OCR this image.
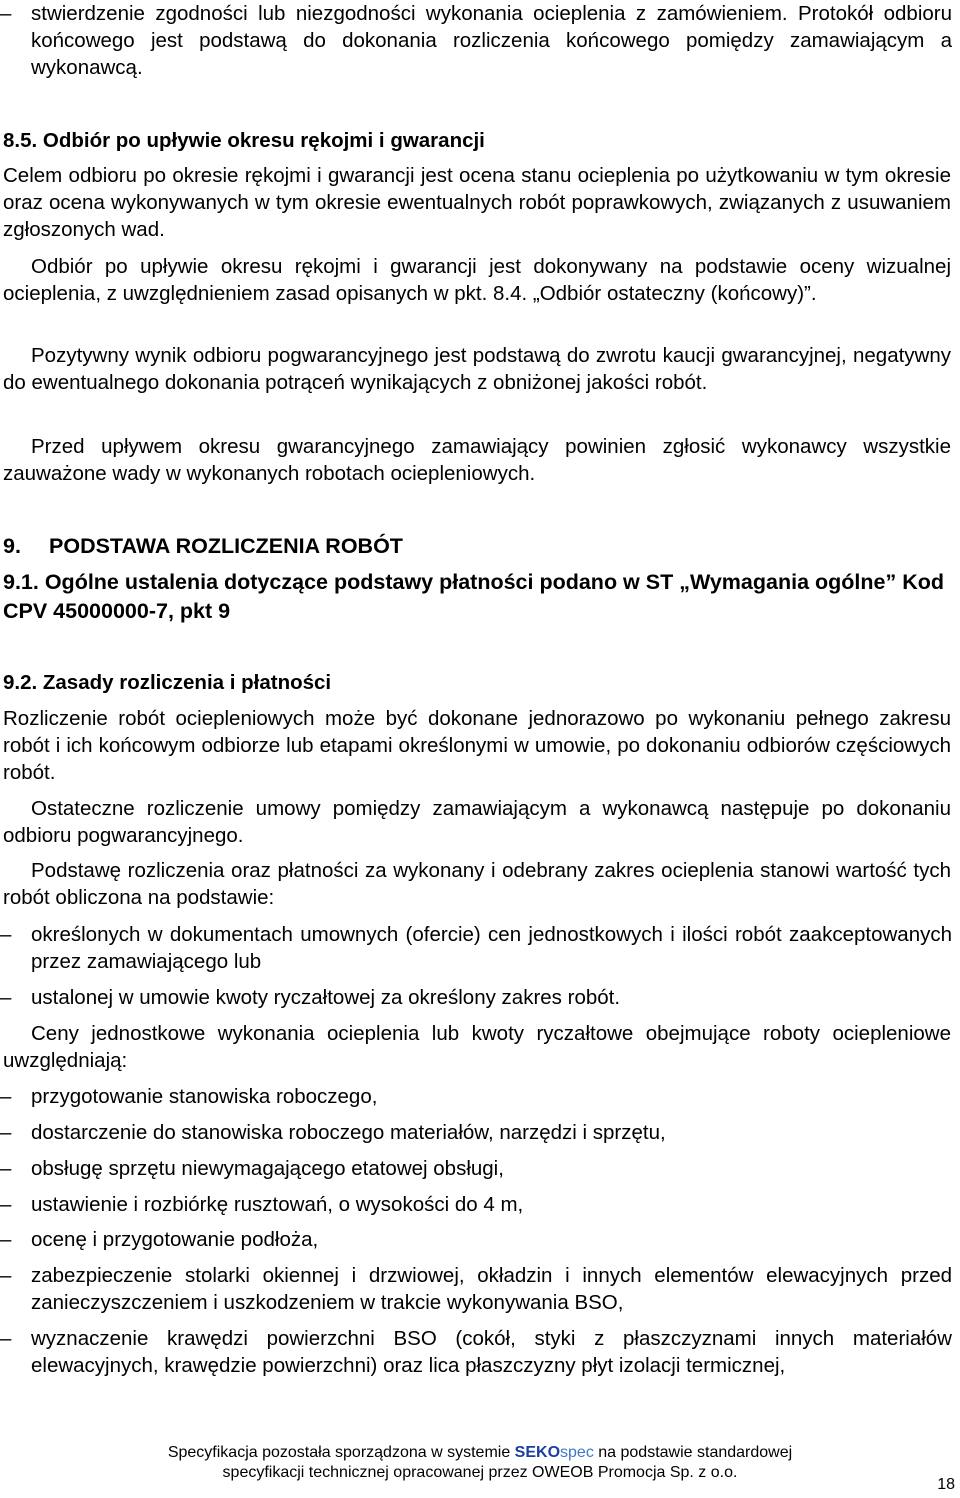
– stwierdzenie zgodności lub niezgodności wykonania ocieplenia z zamówieniem. Protokół odbioru końcowego jest podstawą do dokonania rozliczenia końcowego pomiędzy zamawiającym a wykonawcą.
8.5. Odbiór po upływie okresu rękojmi i gwarancji
Celem odbioru po okresie rękojmi i gwarancji jest ocena stanu ocieplenia po użytkowaniu w tym okresie oraz ocena wykonywanych w tym okresie ewentualnych robót poprawkowych, związanych z usuwaniem zgłoszonych wad.
Odbiór po upływie okresu rękojmi i gwarancji jest dokonywany na podstawie oceny wizualnej ocieplenia, z uwzględnieniem zasad opisanych w pkt. 8.4. „Odbiór ostateczny (końcowy)”.
Pozytywny wynik odbioru pogwarancyjnego jest podstawą do zwrotu kaucji gwarancyjnej, negatywny do ewentualnego dokonania potrąceń wynikających z obniżonej jakości robót.
Przed upływem okresu gwarancyjnego zamawiający powinien zgłosić wykonawcy wszystkie zauważone wady w wykonanych robotach ociepleniowych.
9. PODSTAWA ROZLICZENIA ROBÓT
9.1. Ogólne ustalenia dotyczące podstawy płatności podano w ST „Wymagania ogólne” Kod CPV 45000000-7, pkt 9
9.2. Zasady rozliczenia i płatności
Rozliczenie robót ociepleniowych może być dokonane jednorazowo po wykonaniu pełnego zakresu robót i ich końcowym odbiorze lub etapami określonymi w umowie, po dokonaniu odbiorów częściowych robót.
Ostateczne rozliczenie umowy pomiędzy zamawiającym a wykonawcą następuje po dokonaniu odbioru pogwarancyjnego.
Podstawę rozliczenia oraz płatności za wykonany i odebrany zakres ocieplenia stanowi wartość tych robót obliczona na podstawie:
– określonych w dokumentach umownych (ofercie) cen jednostkowych i ilości robót zaakceptowanych przez zamawiającego lub
– ustalonej w umowie kwoty ryczałtowej za określony zakres robót.
Ceny jednostkowe wykonania ocieplenia lub kwoty ryczałtowe obejmujące roboty ociepleniowe uwzględniają:
– przygotowanie stanowiska roboczego,
– dostarczenie do stanowiska roboczego materiałów, narzędzi i sprzętu,
– obsługę sprzętu niewymagającego etatowej obsługi,
– ustawienie i rozbiórkę rusztowań, o wysokości do 4 m,
– ocenę i przygotowanie podłoża,
– zabezpieczenie stolarki okiennej i drzwiowej, okładzin i innych elementów elewacyjnych przed zanieczyszczeniem i uszkodzeniem w trakcie wykonywania BSO,
– wyznaczenie krawędzi powierzchni BSO (cokół, styki z płaszczyznami innych materiałów elewacyjnych, krawędzie powierzchni) oraz lica płaszczyzny płyt izolacji termicznej,
Specyfikacja pozostała sporządzona w systemie SEKOspec na podstawie standardowej
specyfikacji technicznej opracowanej przez OWEOB Promocja Sp. z o.o.
18
